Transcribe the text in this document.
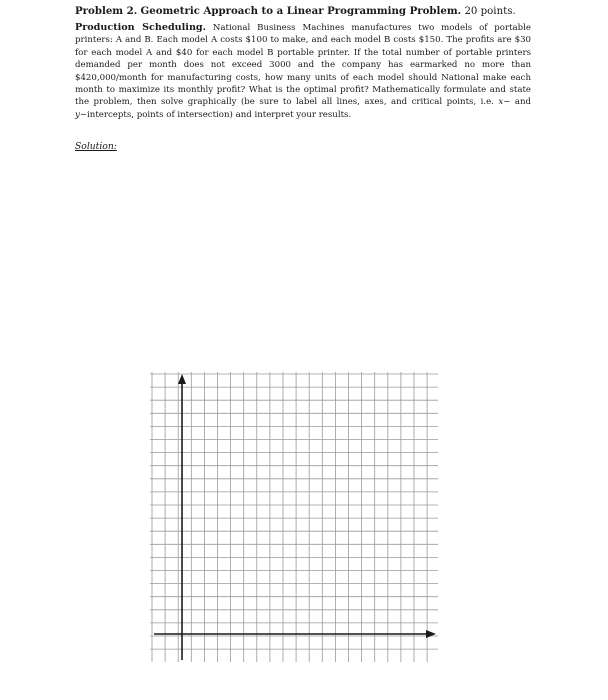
Problem 2. Geometric Approach to a Linear Programming Problem. 20 points.
Production Scheduling. National Business Machines manufactures two models of portable printers: A and B. Each model A costs $100 to make, and each model B costs $150. The profits are $30 for each model A and $40 for each model B portable printer. If the total number of portable printers demanded per month does not exceed 3000 and the company has earmarked no more than $420,000/month for manufacturing costs, how many units of each model should National make each month to maximize its monthly profit? What is the optimal profit? Mathematically formulate and state the problem, then solve graphically (be sure to label all lines, axes, and critical points, i.e. x− and y−intercepts, points of intersection) and interpret your results.
Solution:
